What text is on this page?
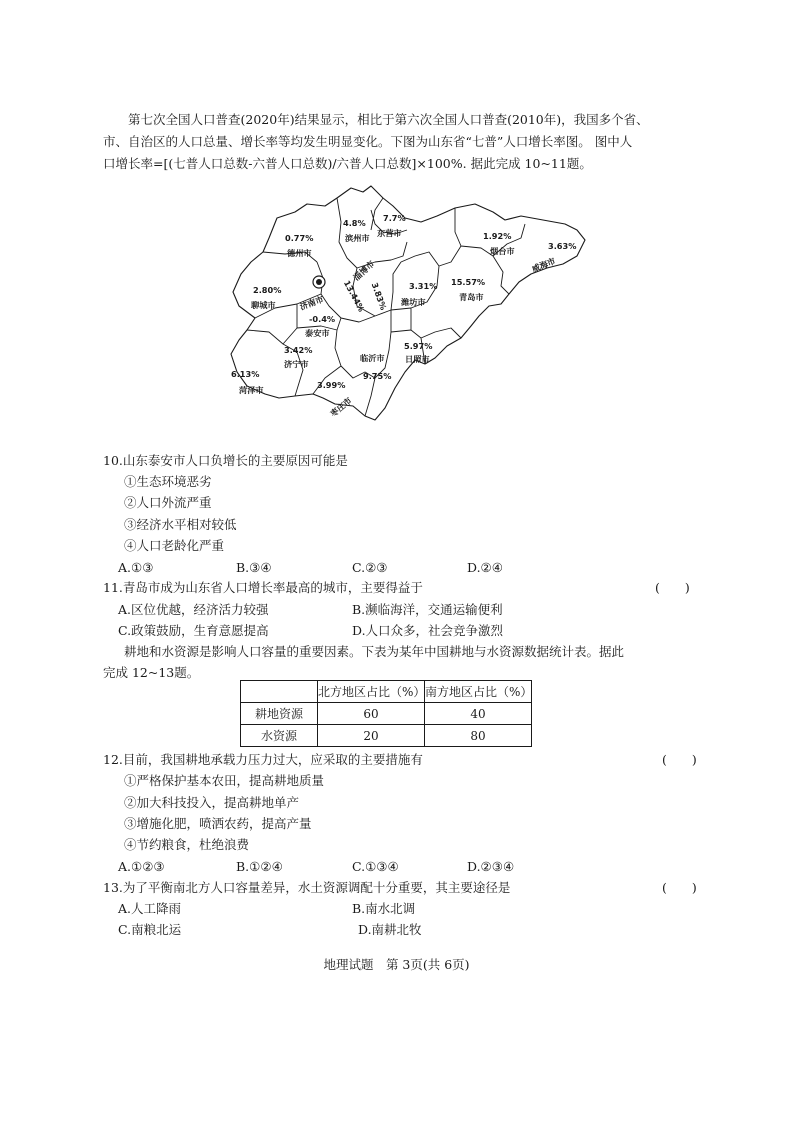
第七次全国人口普查(2020年)结果显示，相比于第六次全国人口普查(2010年)，我国多个省、

市、自治区的人口总量、增长率等均发生明显变化。下图为山东省“七普”人口增长率图。 图中人

口增长率=[(七普人口总数-六普人口总数)/六普人口总数]×100%. 据此完成 10~11题。

0.77%
德州市
4.8%
滨州市
7.7%
东营市	1.92%
烟台市	3.63%
威海市
2.80%
聊城市	济南市 13.44%
淄博市
3.83% 3.31%
潍坊市
15.57%
青岛市
-0.4%
泰安市
3.42%
济宁市
6.13%
菏泽市
临沂市
9.75%
5.97%
日照市
3.99%
枣庄市
10.山东泰安市人口负增长的主要原因可能是
①生态环境恶劣
②人口外流严重
③经济水平相对较低
④人口老龄化严重
A.①③	B.③④	C.②③	D.②④
11.青岛市成为山东省人口增长率最高的城市，主要得益于	(　　)
A.区位优越，经济活力较强	B.濒临海洋，交通运输便利
C.政策鼓励，生育意愿提高	D.人口众多，社会竞争激烈
耕地和水资源是影响人口容量的重要因素。下表为某年中国耕地与水资源数据统计表。据此
完成 12~13题。
	北方地区占比（%）	南方地区占比（%）
耕地资源	60	40
水资源	20	80
12.目前，我国耕地承载力压力过大，应采取的主要措施有	(　　)
①严格保护基本农田，提高耕地质量
②加大科技投入，提高耕地单产
③增施化肥，喷洒农药，提高产量
④节约粮食，杜绝浪费
A.①②③	B.①②④	C.①③④	D.②③④
13.为了平衡南北方人口容量差异，水土资源调配十分重要，其主要途径是	(　　)
A.人工降雨	B.南水北调
C.南粮北运	D.南耕北牧
地理试题　第 3页(共 6页)
